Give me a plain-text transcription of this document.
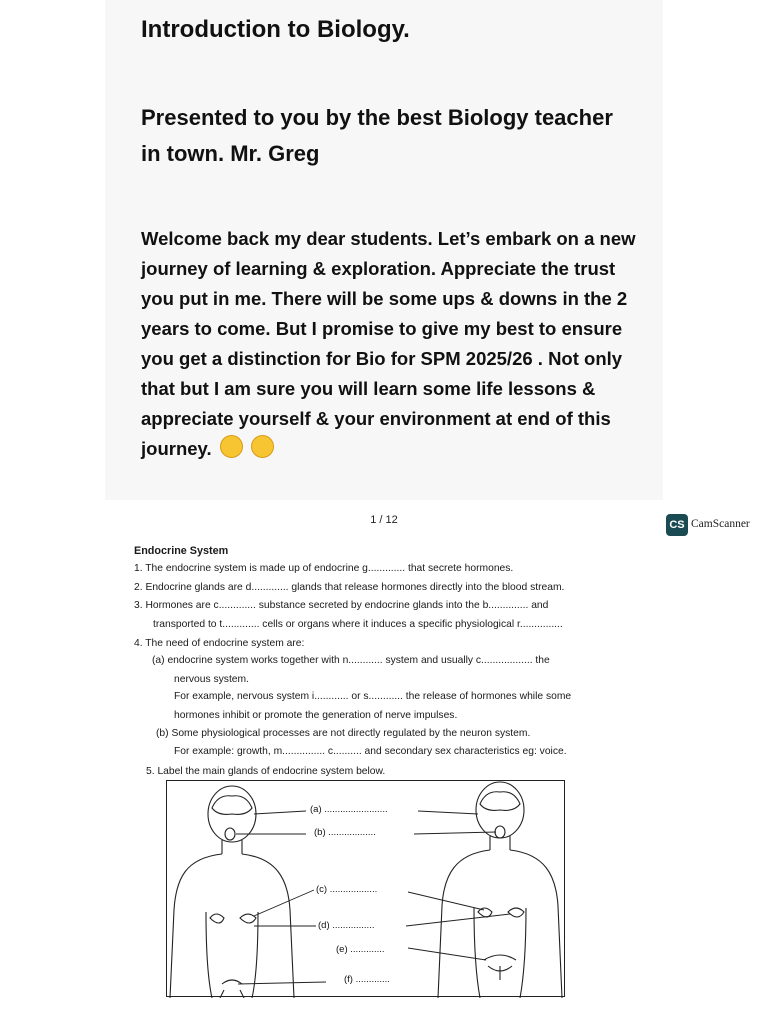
Introduction to Biology.

Presented to you by the best Biology teacher in town. Mr. Greg

Welcome back my dear students. Let’s embark on a new journey of learning & exploration. Appreciate the trust you put in me. There will be some ups & downs in the 2 years to come. But I promise to give my best to ensure you get a distinction for Bio for SPM 2025/26 . Not only that but I am sure you will learn some life lessons & appreciate yourself & your environment at end of this journey.

1 / 12	CS CamScanner
Endocrine System
1. The endocrine system is made up of endocrine g............. that secrete hormones.
2. Endocrine glands are d............. glands that release hormones directly into the blood stream.
3. Hormones are c............. substance secreted by endocrine glands into the b.............. and
transported to t............. cells or organs where it induces a specific physiological r...............
4. The need of endocrine system are:
(a) endocrine system works together with n............ system and usually c.................. the
nervous system.
For example, nervous system i............ or s............ the release of hormones while some
hormones inhibit or promote the generation of nerve impulses.
(b) Some physiological processes are not directly regulated by the neuron system.
For example: growth, m............... c.......... and secondary sex characteristics eg: voice.
5. Label the main glands of endocrine system below.
(a) ........................
(b) ..................
(c) ..................
(d) ................
(e) .............
(f) .............
